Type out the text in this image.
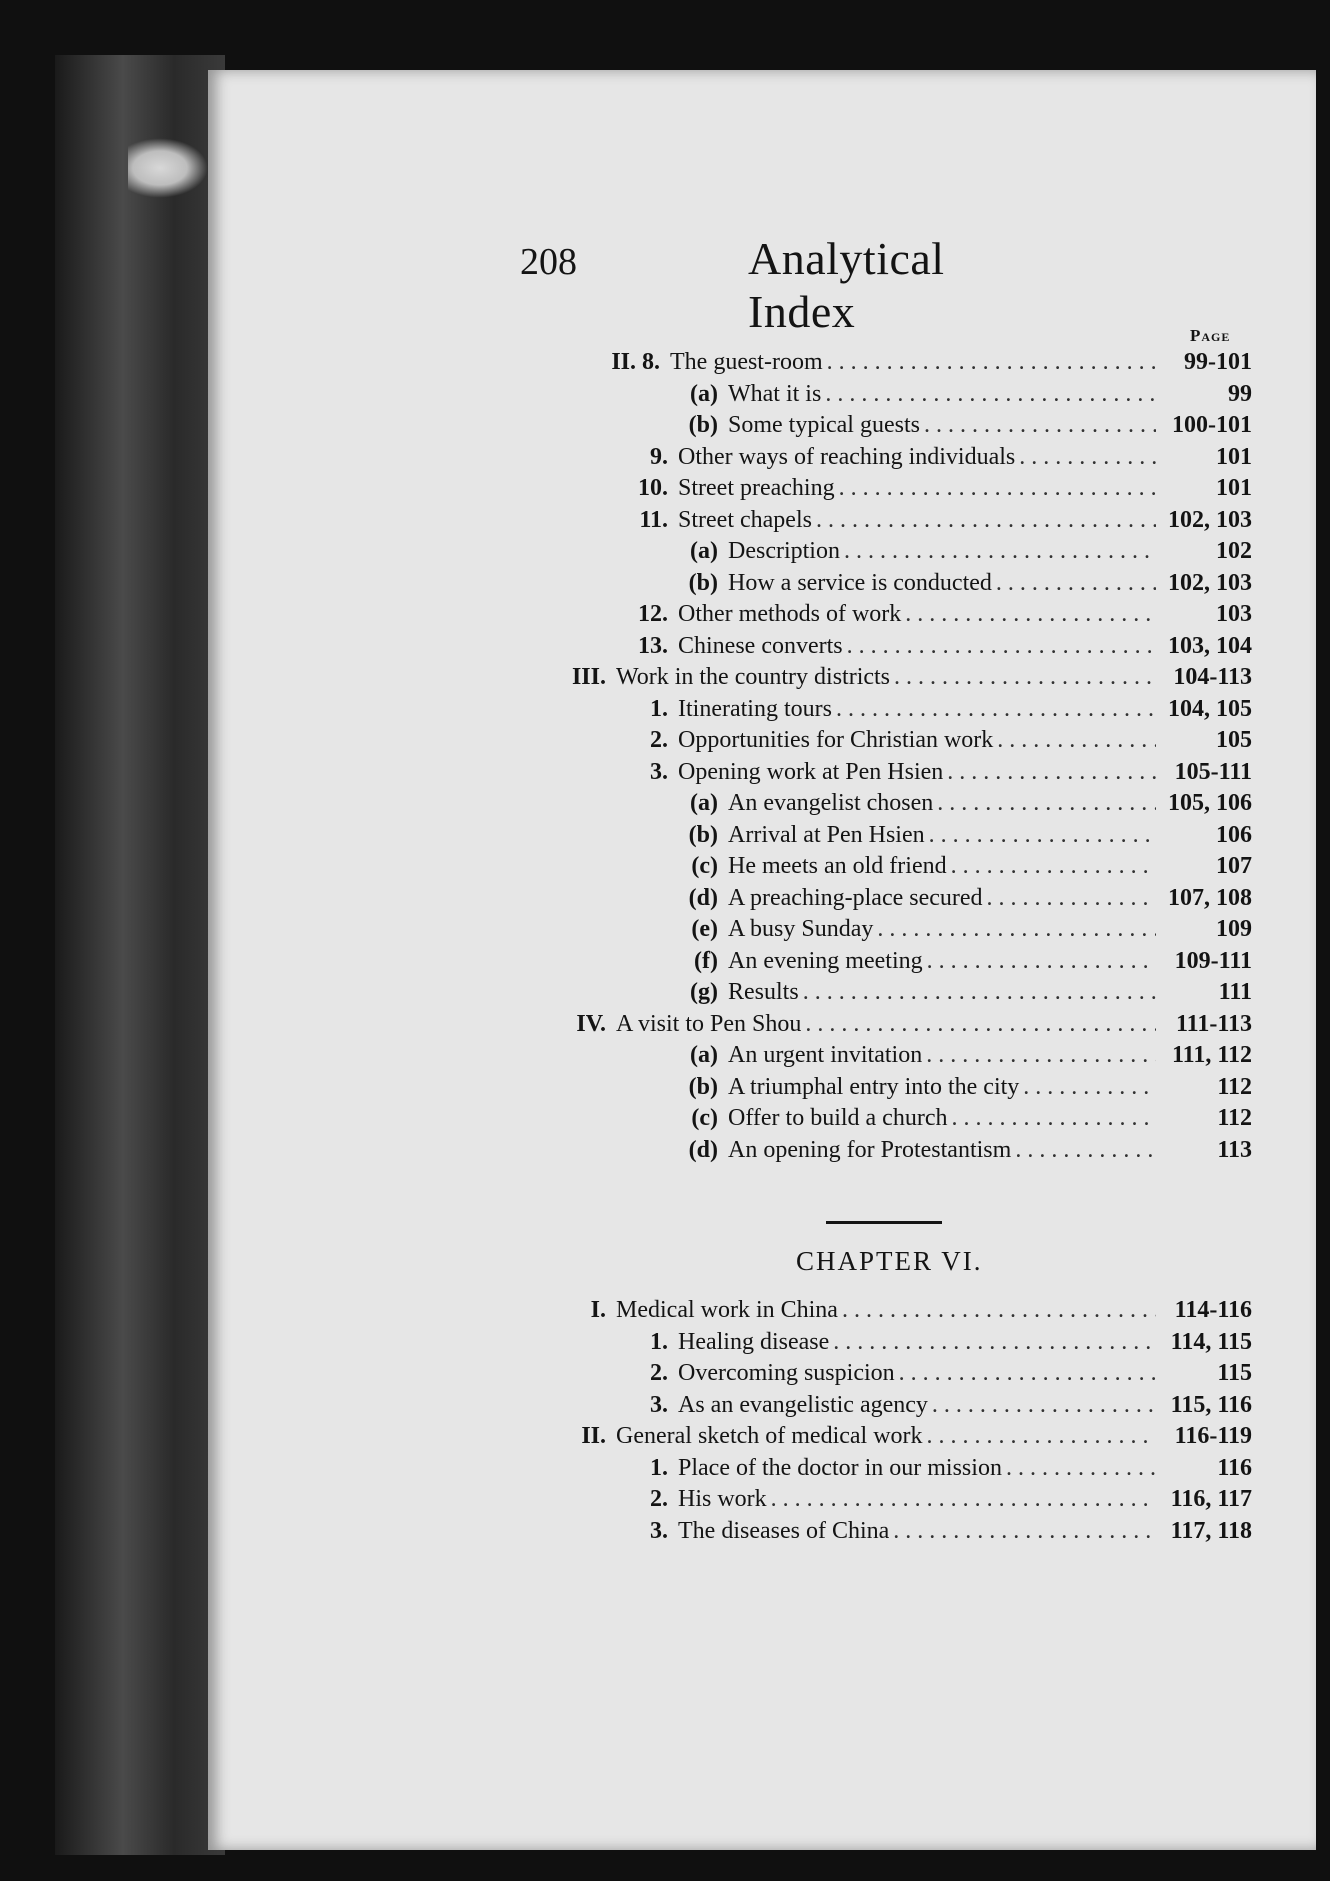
208	Analytical Index	Page
II. 8. The guest-room . . .	99-101
(a) What it is . . .	99
(b) Some typical guests . . .	100-101
9. Other ways of reaching individuals . . .	101
10. Street preaching . . .	101
11. Street chapels . . .	102, 103
(a) Description . . .	102
(b) How a service is conducted . . .	102, 103
12. Other methods of work . . .	103
13. Chinese converts . . .	103, 104
III. Work in the country districts . . .	104-113
1. Itinerating tours . . .	104, 105
2. Opportunities for Christian work . . .	105
3. Opening work at Pen Hsien . . .	105-111
(a) An evangelist chosen . . .	105, 106
(b) Arrival at Pen Hsien . . .	106
(c) He meets an old friend . . .	107
(d) A preaching-place secured . . .	107, 108
(e) A busy Sunday . . .	109
(f) An evening meeting . . .	109-111
(g) Results . . .	111
IV. A visit to Pen Shou . . .	111-113
(a) An urgent invitation . . .	111, 112
(b) A triumphal entry into the city . . .	112
(c) Offer to build a church . . .	112
(d) An opening for Protestantism . . .	113
CHAPTER VI.
I. Medical work in China . . .	114-116
1. Healing disease . . .	114, 115
2. Overcoming suspicion . . .	115
3. As an evangelistic agency . . .	115, 116
II. General sketch of medical work . . .	116-119
1. Place of the doctor in our mission . . .	116
2. His work . . .	116, 117
3. The diseases of China . . .	117, 118
